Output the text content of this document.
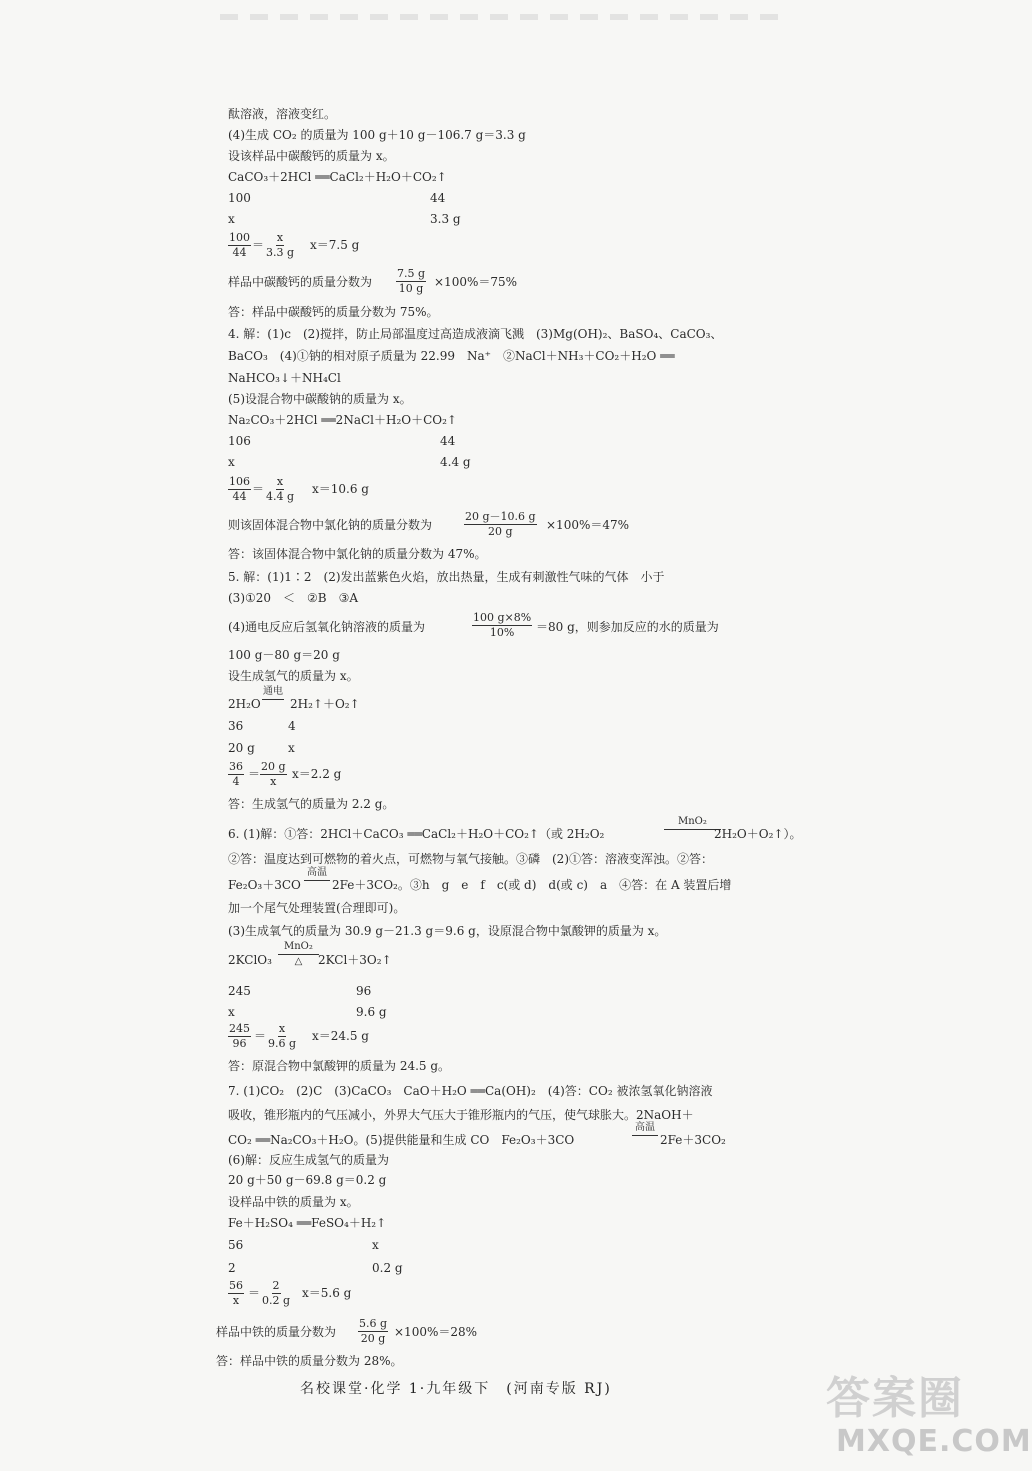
酞溶液，溶液变红。
(4)生成 CO₂ 的质量为 100 g＋10 g－106.7 g＝3.3 g
设该样品中碳酸钙的质量为 x。
CaCO₃＋2HCl ══CaCl₂＋H₂O＋CO₂↑
100	44
x	3.3 g
100
44
＝
x
3.3 g
x＝7.5 g
样品中碳酸钙的质量分数为
7.5 g
10 g ×100%＝75%
答：样品中碳酸钙的质量分数为 75%。
4. 解：(1)c　(2)搅拌，防止局部温度过高造成液滴飞溅　(3)Mg(OH)₂、BaSO₄、CaCO₃、
BaCO₃　(4)①钠的相对原子质量为 22.99　Na⁺　②NaCl＋NH₃＋CO₂＋H₂O ══
NaHCO₃↓＋NH₄Cl
(5)设混合物中碳酸钠的质量为 x。
Na₂CO₃＋2HCl ══2NaCl＋H₂O＋CO₂↑
106	44
x	4.4 g
106
44
＝
x
4.4 g
x＝10.6 g
则该固体混合物中氯化钠的质量分数为
20 g－10.6 g
20 g	×100%＝47%
答：该固体混合物中氯化钠的质量分数为 47%。
5. 解：(1)1∶2　(2)发出蓝紫色火焰，放出热量，生成有刺激性气味的气体　小于
(3)①20　＜　②B　③A
(4)通电反应后氢氧化钠溶液的质量为
100 g×8%
10% ＝80 g，则参加反应的水的质量为
100 g－80 g＝20 g
设生成氢气的质量为 x。
2H₂O
通电
2H₂↑＋O₂↑
36	4
20 g	x
36
4
＝
20 g
x
x＝2.2 g
答：生成氢气的质量为 2.2 g。
6. (1)解：①答：2HCl＋CaCO₃ ══CaCl₂＋H₂O＋CO₂↑（或 2H₂O₂
MnO₂
2H₂O＋O₂↑）。
②答：温度达到可燃物的着火点，可燃物与氧气接触。③磷　(2)①答：溶液变浑浊。②答：
Fe₂O₃＋3CO
高温
2Fe＋3CO₂。③h　g　e　f　c(或 d)　d(或 c)　a　④答：在 A 装置后增
加一个尾气处理装置(合理即可)。
(3)生成氧气的质量为 30.9 g－21.3 g＝9.6 g，设原混合物中氯酸钾的质量为 x。
2KClO₃
MnO₂
△ 2KCl＋3O₂↑
245	96
x	9.6 g
245
96
＝
x
9.6 g
x＝24.5 g
答：原混合物中氯酸钾的质量为 24.5 g。
7. (1)CO₂　(2)C　(3)CaCO₃　CaO＋H₂O ══Ca(OH)₂　(4)答：CO₂ 被浓氢氧化钠溶液
吸收，锥形瓶内的气压减小，外界大气压大于锥形瓶内的气压，使气球胀大。2NaOH＋
CO₂ ══Na₂CO₃＋H₂O。(5)提供能量和生成 CO　Fe₂O₃＋3CO
高温
2Fe＋3CO₂
(6)解：反应生成氢气的质量为
20 g＋50 g－69.8 g＝0.2 g
设样品中铁的质量为 x。
Fe＋H₂SO₄ ══FeSO₄＋H₂↑
56	x
2	0.2 g
56
x
＝
2
0.2 g
x＝5.6 g
样品中铁的质量分数为
5.6 g
20 g ×100%＝28%
答：样品中铁的质量分数为 28%。
名校课堂·化学 1·九年级下　(河南专版 RJ)	答案圈
MXQE.COM
